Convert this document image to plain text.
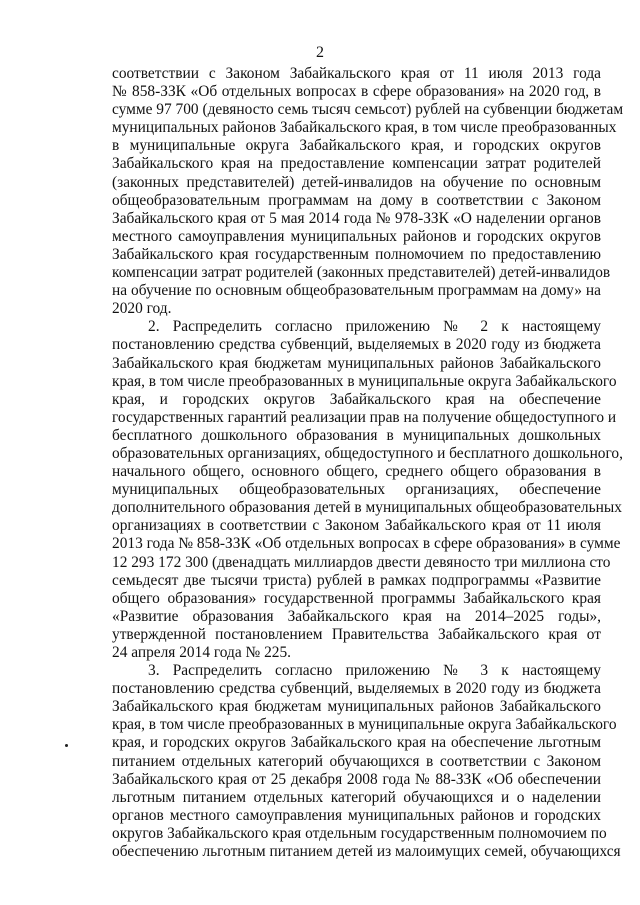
2
соответствии с Законом Забайкальского края от 11 июля 2013 года
№ 858-ЗЗК «Об отдельных вопросах в сфере образования» на 2020 год, в
сумме 97 700 (девяносто семь тысяч семьсот) рублей на субвенции бюджетам
муниципальных районов Забайкальского края, в том числе преобразованных
в муниципальные округа Забайкальского края, и городских округов
Забайкальского края на предоставление компенсации затрат родителей
(законных представителей) детей-инвалидов на обучение по основным
общеобразовательным программам на дому в соответствии с Законом
Забайкальского края от 5 мая 2014 года № 978-ЗЗК «О наделении органов
местного самоуправления муниципальных районов и городских округов
Забайкальского края государственным полномочием по предоставлению
компенсации затрат родителей (законных представителей) детей-инвалидов
на обучение по основным общеобразовательным программам на дому» на
2020 год.
2. Распределить согласно приложению № 2 к настоящему
постановлению средства субвенций, выделяемых в 2020 году из бюджета
Забайкальского края бюджетам муниципальных районов Забайкальского
края, в том числе преобразованных в муниципальные округа Забайкальского
края, и городских округов Забайкальского края на обеспечение
государственных гарантий реализации прав на получение общедоступного и
бесплатного дошкольного образования в муниципальных дошкольных
образовательных организациях, общедоступного и бесплатного дошкольного,
начального общего, основного общего, среднего общего образования в
муниципальных общеобразовательных организациях, обеспечение
дополнительного образования детей в муниципальных общеобразовательных
организациях в соответствии с Законом Забайкальского края от 11 июля
2013 года № 858-ЗЗК «Об отдельных вопросах в сфере образования» в сумме
12 293 172 300 (двенадцать миллиардов двести девяносто три миллиона сто
семьдесят две тысячи триста) рублей в рамках подпрограммы «Развитие
общего образования» государственной программы Забайкальского края
«Развитие образования Забайкальского края на 2014–2025 годы»,
утвержденной постановлением Правительства Забайкальского края от
24 апреля 2014 года № 225.
3. Распределить согласно приложению № 3 к настоящему
постановлению средства субвенций, выделяемых в 2020 году из бюджета
Забайкальского края бюджетам муниципальных районов Забайкальского
края, в том числе преобразованных в муниципальные округа Забайкальского
края, и городских округов Забайкальского края на обеспечение льготным
питанием отдельных категорий обучающихся в соответствии с Законом
Забайкальского края от 25 декабря 2008 года № 88-ЗЗК «Об обеспечении
льготным питанием отдельных категорий обучающихся и о наделении
органов местного самоуправления муниципальных районов и городских
округов Забайкальского края отдельным государственным полномочием по
обеспечению льготным питанием детей из малоимущих семей, обучающихся
